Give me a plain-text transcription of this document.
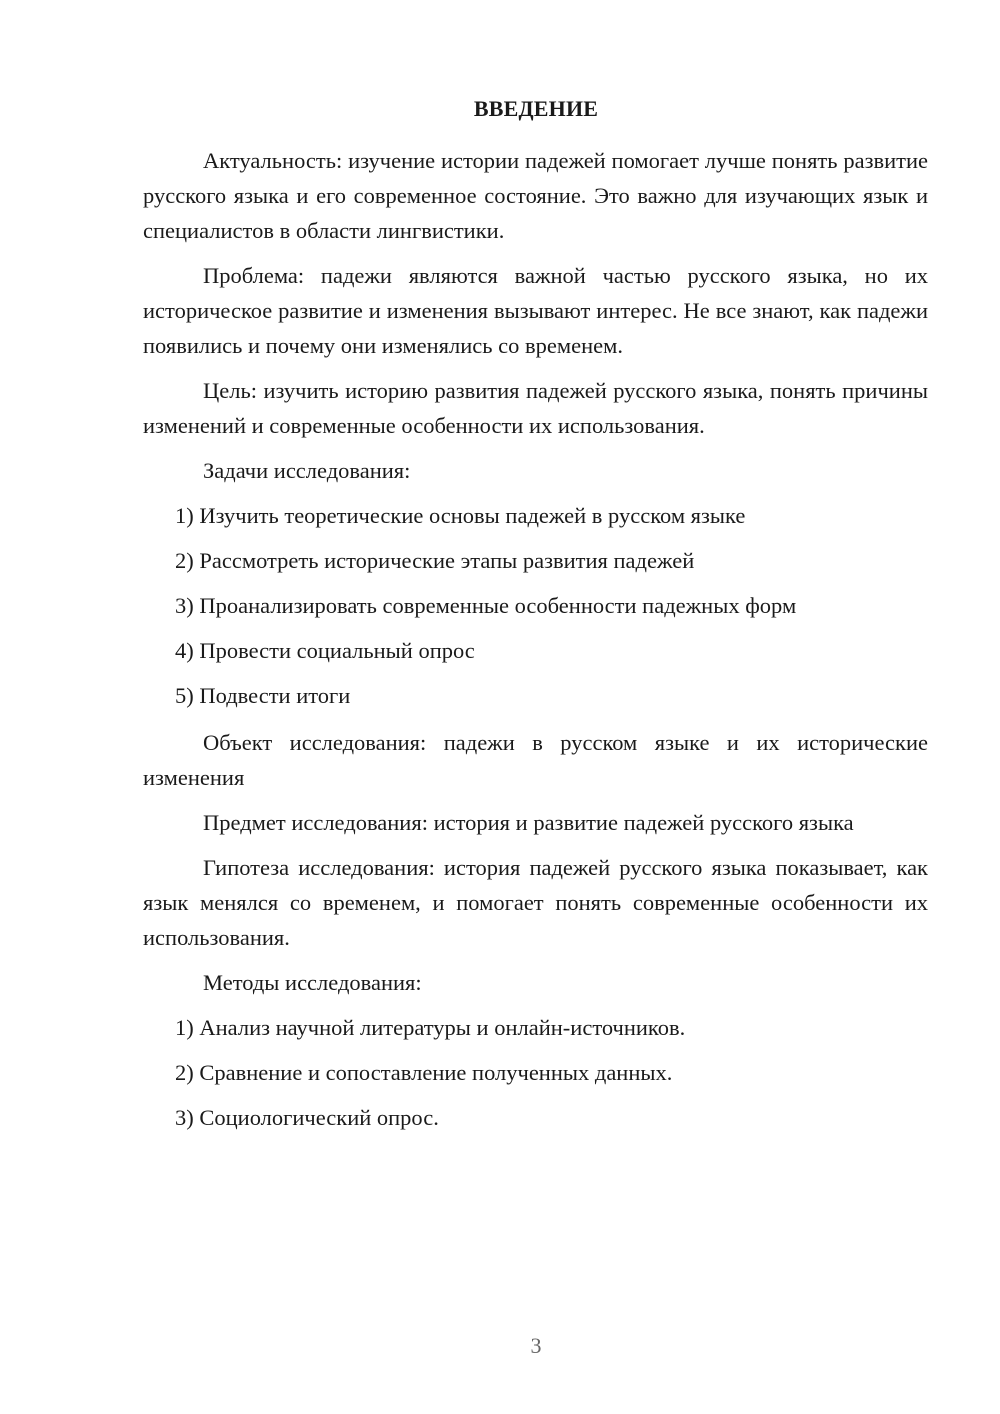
ВВЕДЕНИЕ

Актуальность: изучение истории падежей помогает лучше понять развитие русского языка и его современное состояние. Это важно для изучающих язык и специалистов в области лингвистики.

Проблема: падежи являются важной частью русского языка, но их историческое развитие и изменения вызывают интерес. Не все знают, как падежи появились и почему они изменялись со временем.

Цель: изучить историю развития падежей русского языка, понять причины изменений и современные особенности их использования.

Задачи исследования:

1) Изучить теоретические основы падежей в русском языке

2) Рассмотреть исторические этапы развития падежей

3) Проанализировать современные особенности падежных форм

4) Провести социальный опрос

5) Подвести итоги

Объект исследования: падежи в русском языке и их исторические изменения

Предмет исследования: история и развитие падежей русского языка

Гипотеза исследования: история падежей русского языка показывает, как язык менялся со временем, и помогает понять современные особенности их использования.

Методы исследования:

1) Анализ научной литературы и онлайн-источников.

2) Сравнение и сопоставление полученных данных.

3) Социологический опрос.

3
